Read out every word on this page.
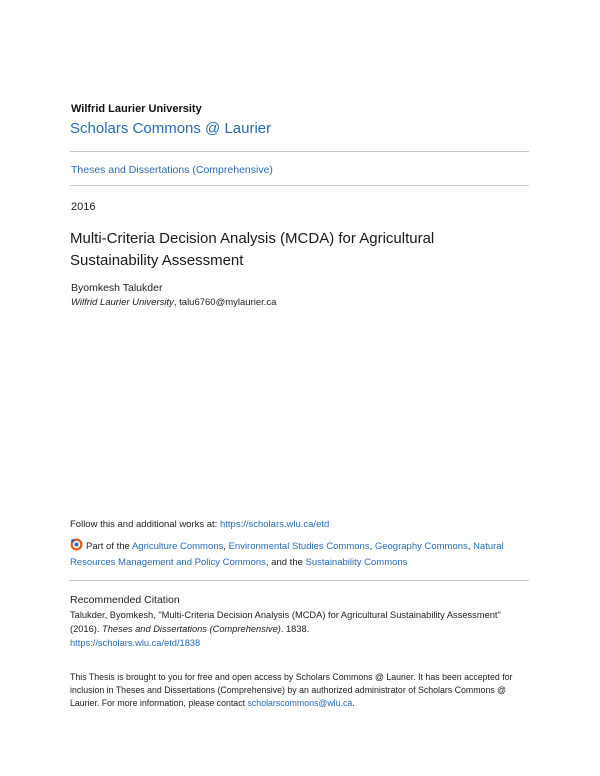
Wilfrid Laurier University
Scholars Commons @ Laurier
Theses and Dissertations (Comprehensive)
2016
Multi-Criteria Decision Analysis (MCDA) for Agricultural Sustainability Assessment
Byomkesh Talukder
Wilfrid Laurier University, talu6760@mylaurier.ca
Follow this and additional works at: https://scholars.wlu.ca/etd
Part of the Agriculture Commons, Environmental Studies Commons, Geography Commons, Natural Resources Management and Policy Commons, and the Sustainability Commons
Recommended Citation
Talukder, Byomkesh, "Multi-Criteria Decision Analysis (MCDA) for Agricultural Sustainability Assessment" (2016). Theses and Dissertations (Comprehensive). 1838.
https://scholars.wlu.ca/etd/1838
This Thesis is brought to you for free and open access by Scholars Commons @ Laurier. It has been accepted for inclusion in Theses and Dissertations (Comprehensive) by an authorized administrator of Scholars Commons @ Laurier. For more information, please contact scholarscommons@wlu.ca.
